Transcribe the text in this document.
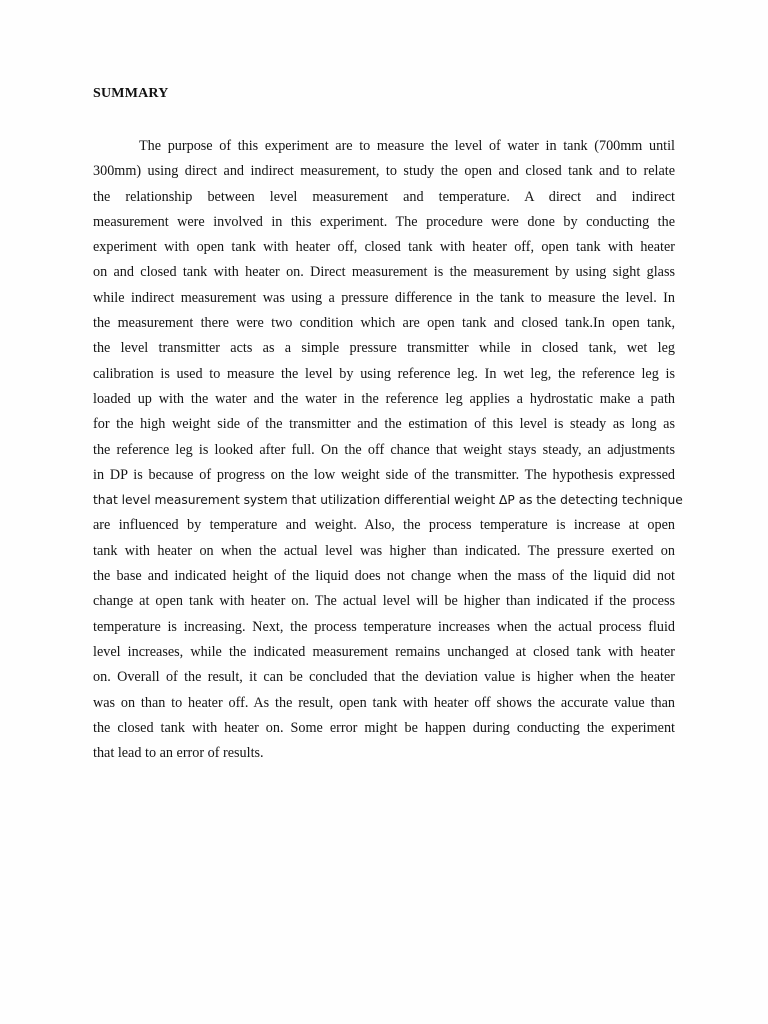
SUMMARY
The purpose of this experiment are to measure the level of water in tank (700mm until
300mm) using direct and indirect measurement, to study the open and closed tank and to relate
the relationship between level measurement and temperature. A direct and indirect
measurement were involved in this experiment. The procedure were done by conducting the
experiment with open tank with heater off, closed tank with heater off, open tank with heater
on and closed tank with heater on. Direct measurement is the measurement by using sight glass
while indirect measurement was using a pressure difference in the tank to measure the level. In
the measurement there were two condition which are open tank and closed tank.In open tank,
the level transmitter acts as a simple pressure transmitter while in closed tank, wet leg
calibration is used to measure the level by using reference leg. In wet leg, the reference leg is
loaded up with the water and the water in the reference leg applies a hydrostatic make a path
for the high weight side of the transmitter and the estimation of this level is steady as long as
the reference leg is looked after full. On the off chance that weight stays steady, an adjustments
in DP is because of progress on the low weight side of the transmitter. The hypothesis expressed
that level measurement system that utilization differential weight ΔP as the detecting technique
are influenced by temperature and weight. Also, the process temperature is increase at open
tank with heater on when the actual level was higher than indicated. The pressure exerted on
the base and indicated height of the liquid does not change when the mass of the liquid did not
change at open tank with heater on. The actual level will be higher than indicated if the process
temperature is increasing. Next, the process temperature increases when the actual process fluid
level increases, while the indicated measurement remains unchanged at closed tank with heater
on. Overall of the result, it can be concluded that the deviation value is higher when the heater
was on than to heater off. As the result, open tank with heater off shows the accurate value than
the closed tank with heater on. Some error might be happen during conducting the experiment
that lead to an error of results.
